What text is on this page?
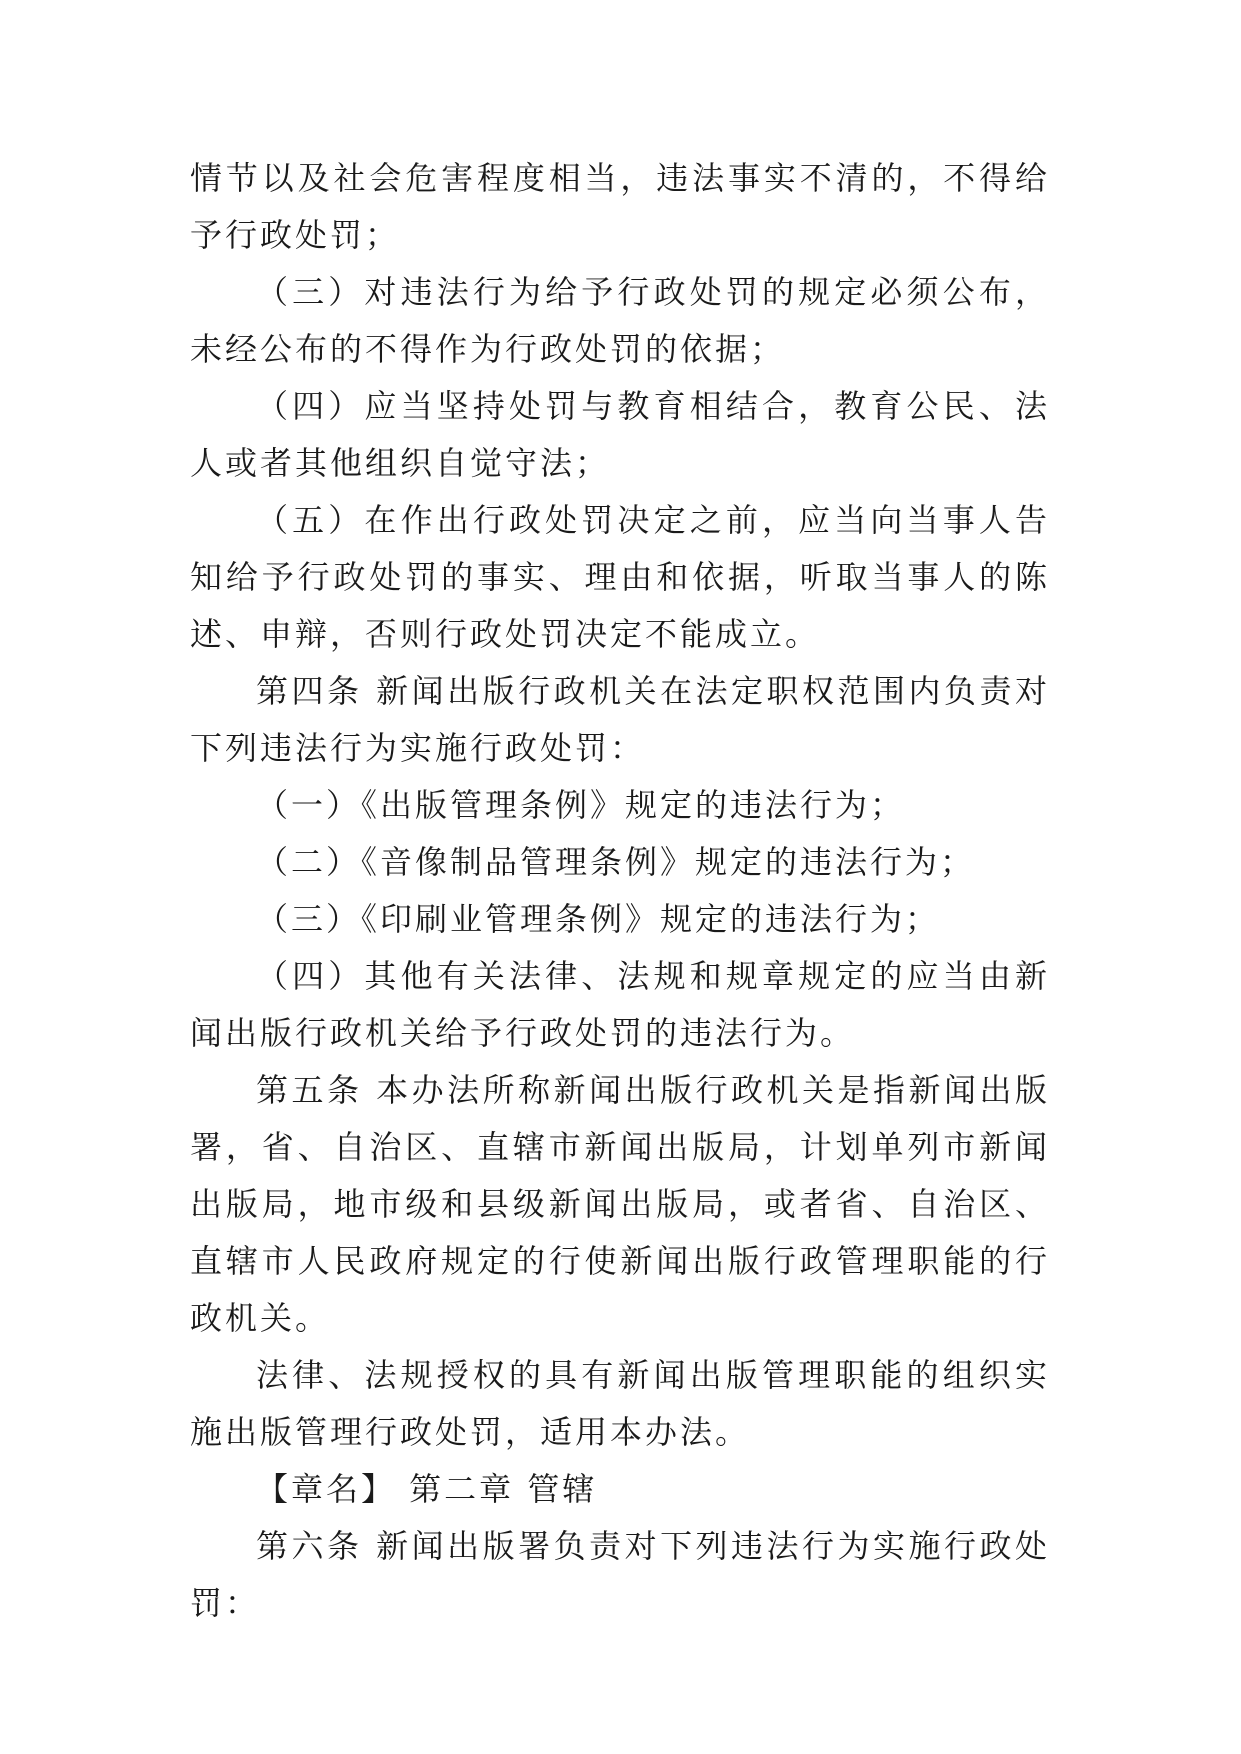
情节以及社会危害程度相当，违法事实不清的，不得给予行政处罚；

（三）对违法行为给予行政处罚的规定必须公布，未经公布的不得作为行政处罚的依据；

（四）应当坚持处罚与教育相结合，教育公民、法人或者其他组织自觉守法；

（五）在作出行政处罚决定之前，应当向当事人告知给予行政处罚的事实、理由和依据，听取当事人的陈述、申辩，否则行政处罚决定不能成立。

第四条 新闻出版行政机关在法定职权范围内负责对下列违法行为实施行政处罚：

（一）《出版管理条例》规定的违法行为；

（二）《音像制品管理条例》规定的违法行为；

（三）《印刷业管理条例》规定的违法行为；

（四）其他有关法律、法规和规章规定的应当由新闻出版行政机关给予行政处罚的违法行为。

第五条 本办法所称新闻出版行政机关是指新闻出版署，省、自治区、直辖市新闻出版局，计划单列市新闻出版局，地市级和县级新闻出版局，或者省、自治区、直辖市人民政府规定的行使新闻出版行政管理职能的行政机关。

法律、法规授权的具有新闻出版管理职能的组织实施出版管理行政处罚，适用本办法。

【章名】 第二章 管辖

第六条 新闻出版署负责对下列违法行为实施行政处罚：
